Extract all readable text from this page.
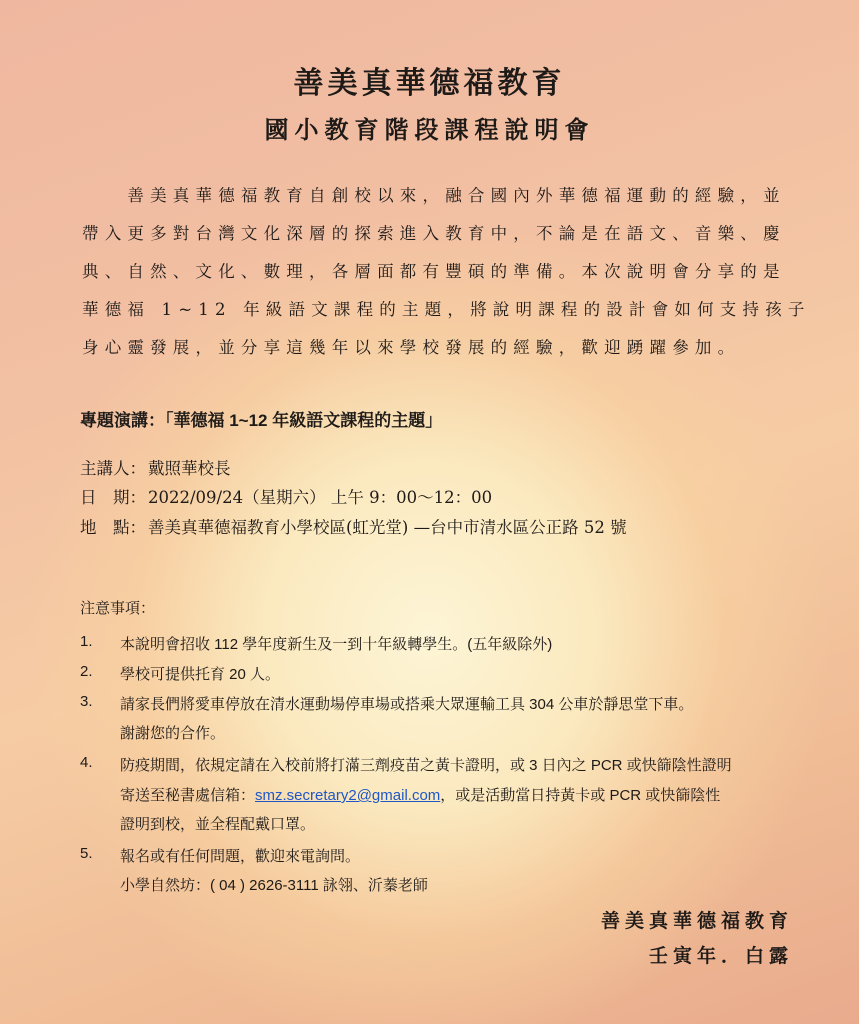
善美真華德福教育
國小教育階段課程說明會

　　善美真華德福教育自創校以來，融合國內外華德福運動的經驗，並

帶入更多對台灣文化深層的探索進入教育中，不論是在語文、音樂、慶

典、自然、文化、數理，各層面都有豐碩的準備。本次說明會分享的是

華德福 1~12 年級語文課程的主題，將說明課程的設計會如何支持孩子

身心靈發展，並分享這幾年以來學校發展的經驗，歡迎踴躍參加。

專題演講：「華德福 1~12 年級語文課程的主題」

主講人： 戴照華校長

日　期： 2022/09/24（星期六） 上午 9：00～12：00

地　點： 善美真華德福教育小學校區(虹光堂) —台中市清水區公正路 52 號

注意事項：

1. 本說明會招收 112 學年度新生及一到十年級轉學生。(五年級除外)
2. 學校可提供托育 20 人。
3. 請家長們將愛車停放在清水運動場停車場或搭乘大眾運輸工具 304 公車於靜思堂下車。
謝謝您的合作。
4. 防疫期間，依規定請在入校前將打滿三劑疫苗之黃卡證明，或 3 日內之 PCR 或快篩陰性證明
寄送至秘書處信箱：smz.secretary2@gmail.com，或是活動當日持黃卡或 PCR 或快篩陰性
證明到校，並全程配戴口罩。
5. 報名或有任何問題，歡迎來電詢問。
小學自然坊：( 04 ) 2626-3111 詠翎、沂蓁老師

善美真華德福教育

壬寅年．白露
